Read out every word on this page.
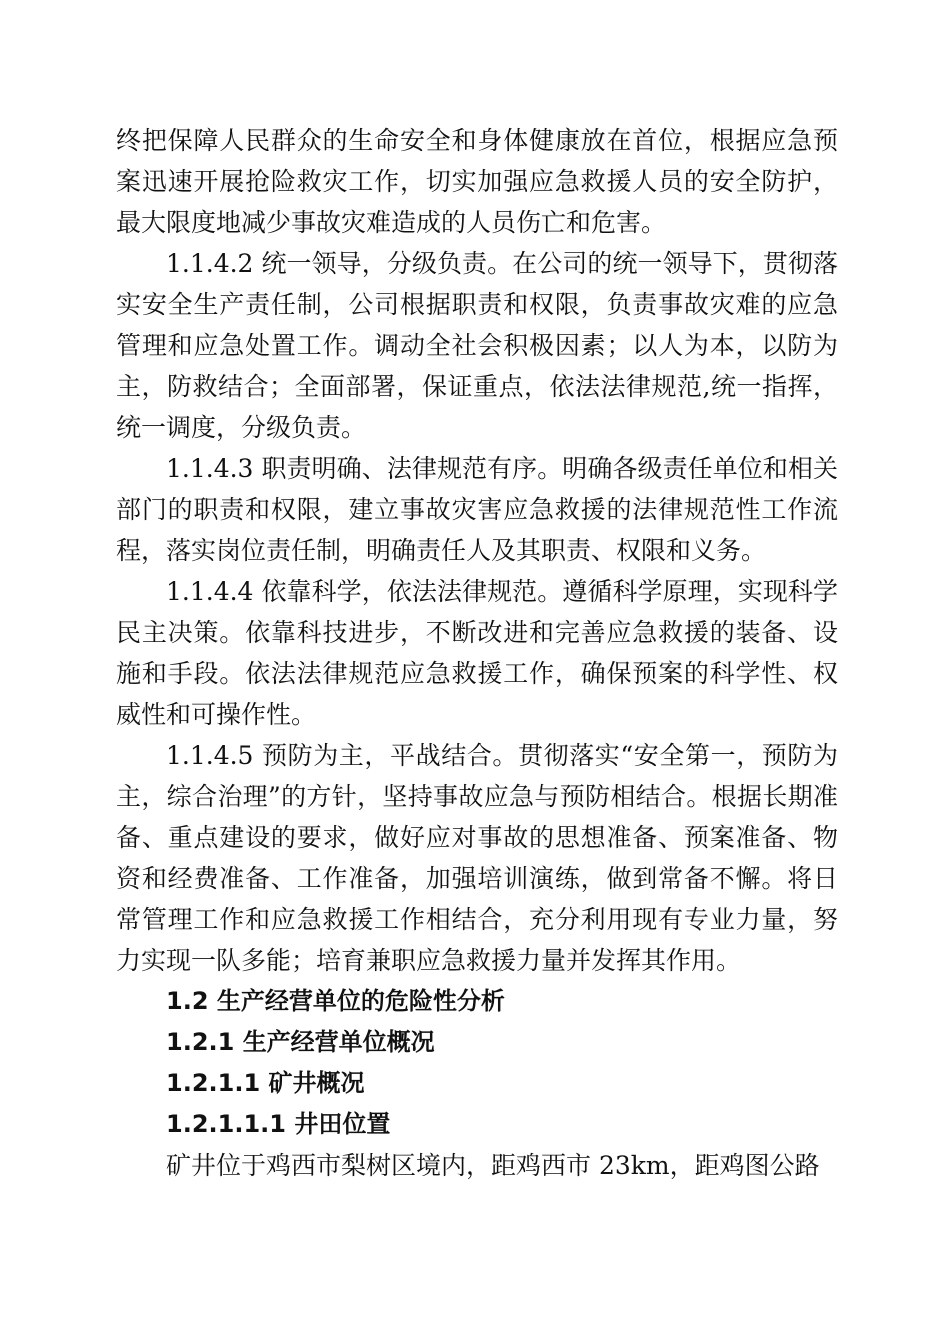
终把保障人民群众的生命安全和身体健康放在首位，根据应急预案迅速开展抢险救灾工作，切实加强应急救援人员的安全防护，最大限度地减少事故灾难造成的人员伤亡和危害。

1.1.4.2 统一领导，分级负责。在公司的统一领导下，贯彻落实安全生产责任制，公司根据职责和权限，负责事故灾难的应急管理和应急处置工作。调动全社会积极因素；以人为本，以防为主，防救结合；全面部署，保证重点，依法法律规范,统一指挥，统一调度，分级负责。

1.1.4.3 职责明确、法律规范有序。明确各级责任单位和相关部门的职责和权限，建立事故灾害应急救援的法律规范性工作流程，落实岗位责任制，明确责任人及其职责、权限和义务。

1.1.4.4 依靠科学，依法法律规范。遵循科学原理，实现科学民主决策。依靠科技进步，不断改进和完善应急救援的装备、设施和手段。依法法律规范应急救援工作，确保预案的科学性、权威性和可操作性。

1.1.4.5 预防为主，平战结合。贯彻落实“安全第一，预防为主，综合治理”的方针，坚持事故应急与预防相结合。根据长期准备、重点建设的要求，做好应对事故的思想准备、预案准备、物资和经费准备、工作准备，加强培训演练，做到常备不懈。将日常管理工作和应急救援工作相结合，充分利用现有专业力量，努力实现一队多能；培育兼职应急救援力量并发挥其作用。

1.2 生产经营单位的危险性分析

1.2.1 生产经营单位概况

1.2.1.1 矿井概况

1.2.1.1.1 井田位置

矿井位于鸡西市梨树区境内，距鸡西市 23km，距鸡图公路
